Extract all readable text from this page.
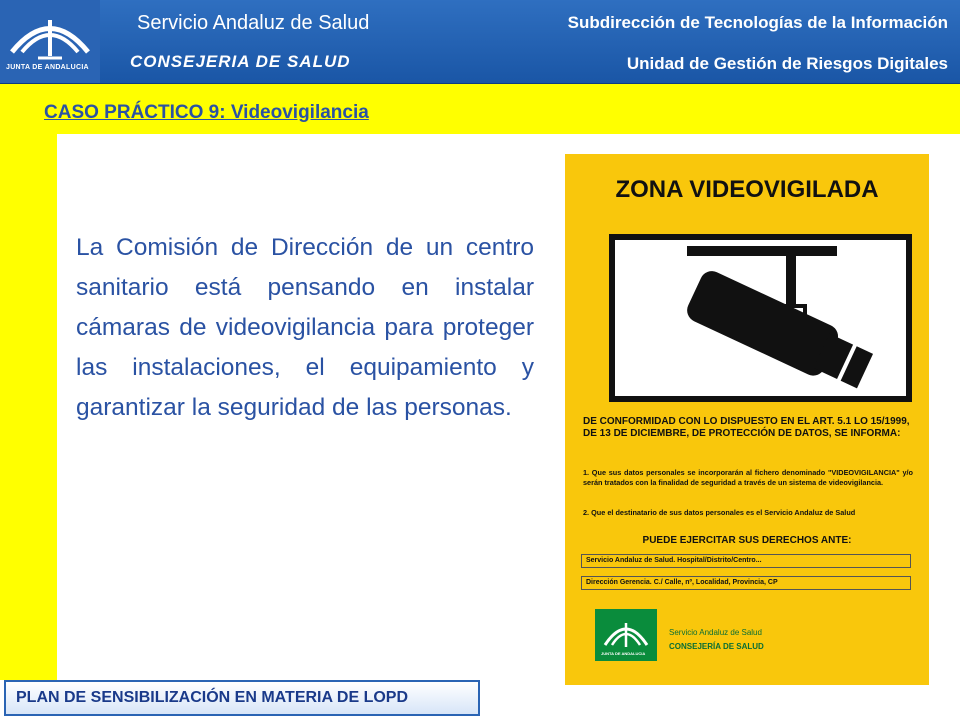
JUNTA DE ANDALUCIA
Servicio Andaluz de Salud
CONSEJERIA DE SALUD
Subdirección de Tecnologías de la Información
Unidad de Gestión de Riesgos Digitales
CASO PRÁCTICO 9: Videovigilancia
La Comisión de Dirección de un centro sanitario está pensando en instalar cámaras de videovigilancia para proteger las instalaciones, el equipamiento y garantizar la seguridad de las personas.
ZONA VIDEOVIGILADA
DE CONFORMIDAD CON LO DISPUESTO EN EL ART. 5.1 LO 15/1999, DE 13 DE DICIEMBRE, DE PROTECCIÓN DE DATOS, SE INFORMA:
1. Que sus datos personales se incorporarán al fichero denominado "VIDEOVIGILANCIA" y/o serán tratados con la finalidad de seguridad a través de un sistema de videovigilancia.
2. Que el destinatario de sus datos personales es el Servicio Andaluz de Salud
PUEDE EJERCITAR SUS DERECHOS ANTE:
Servicio Andaluz de Salud. Hospital/Distrito/Centro...
Dirección Gerencia. C./ Calle, nº, Localidad, Provincia, CP
JUNTA DE ANDALUCIA
Servicio Andaluz de Salud
CONSEJERÍA DE SALUD
PLAN DE SENSIBILIZACIÓN EN MATERIA DE LOPD
